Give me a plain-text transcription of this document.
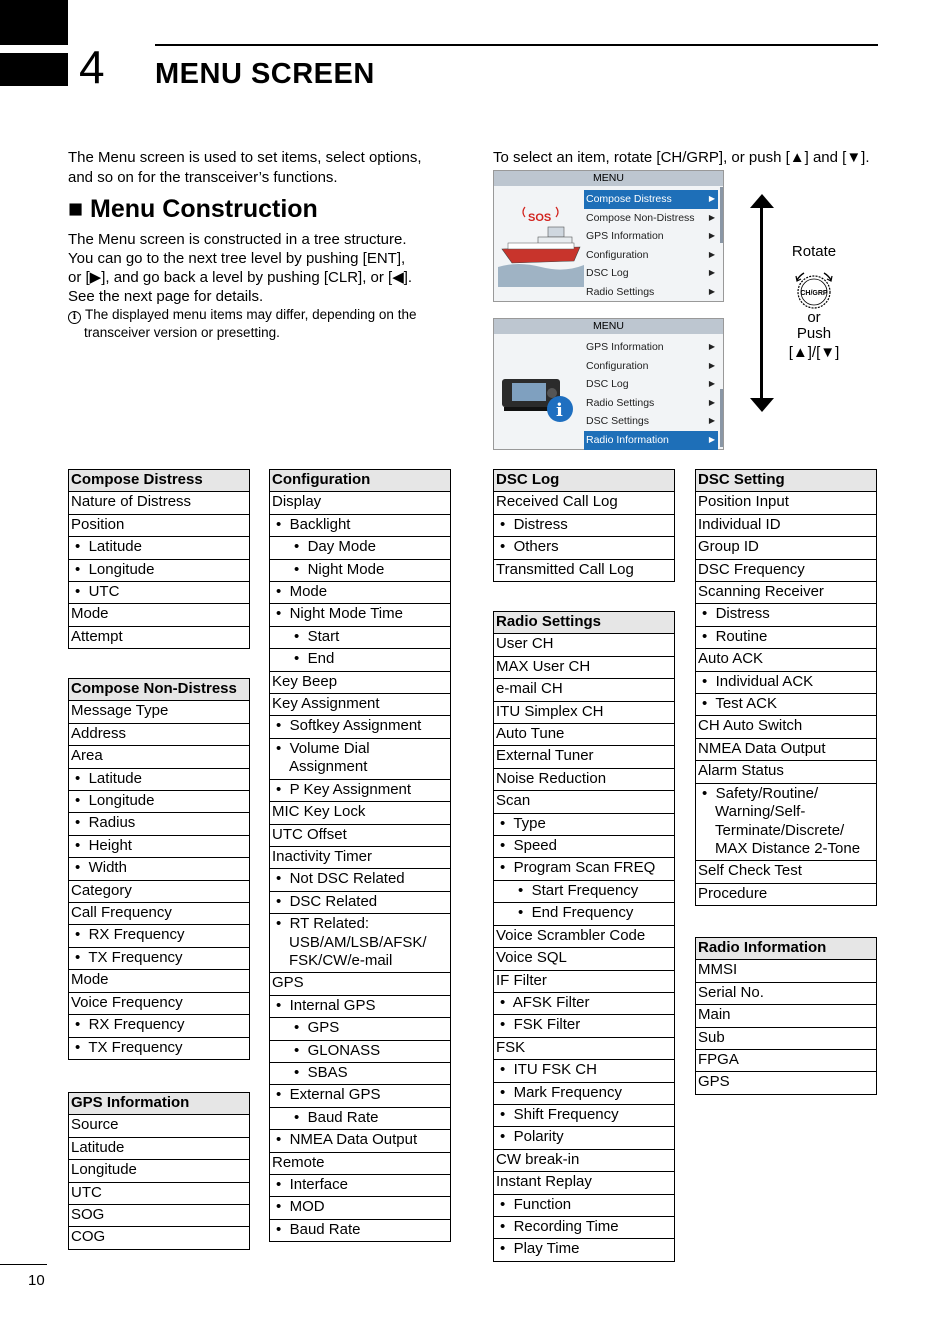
4 MENU SCREEN
The Menu screen is used to set items, select options,
and so on for the transceiver’s functions.
■ Menu Construction
The Menu screen is constructed in a tree structure.
You can go to the next tree level by pushing [ENT],
or [▶], and go back a level by pushing [CLR], or [◀].
See the next page for details.
i The displayed menu items may differ, depending on the transceiver version or presetting.
To select an item, rotate [CH/GRP], or push [▲] and [▼].
MENU
SOS
Compose Distress	▶
Compose Non-Distress ▶
GPS Information	▶
Configuration	▶
DSC Log	▶
Radio Settings	▶
MENU
i
GPS Information	▶
Configuration	▶
DSC Log	▶
Radio Settings	▶
DSC Settings	▶
Radio Information	▶
Rotate
CH/GRP
or
Push
[▲]/[▼]
Compose Distress
Nature of Distress
Position

•  Latitude

•  Longitude

•  UTC

Mode
Attempt
Compose Non-Distress
Message Type
Address
Area

•  Latitude

•  Longitude

•  Radius

•  Height

•  Width

Category
Call Frequency

•  RX Frequency

•  TX Frequency

Mode
Voice Frequency

•  RX Frequency

•  TX Frequency
GPS Information
Source
Latitude
Longitude
UTC
SOG
COG
Configuration
Display

•  Backlight

•  Day Mode

•  Night Mode

•  Mode

•  Night Mode Time

•  Start

•  End

Key Beep
Key Assignment

•  Softkey Assignment

•  Volume Dial Assignment

•  P Key Assignment

MIC Key Lock
UTC Offset
Inactivity Timer

•  Not DSC Related

•  DSC Related

•  RT Related: USB/AM/LSB/AFSK/ FSK/CW/e-mail

GPS

•  Internal GPS

•  GPS

•  GLONASS

•  SBAS

•  External GPS

•  Baud Rate

•  NMEA Data Output

Remote

•  Interface

•  MOD

•  Baud Rate
DSC Log
Received Call Log

•  Distress

•  Others

Transmitted Call Log
Radio Settings
User CH
MAX User CH
e-mail CH
ITU Simplex CH
Auto Tune
External Tuner
Noise Reduction
Scan

•  Type

•  Speed

•  Program Scan FREQ

•  Start Frequency

•  End Frequency

Voice Scrambler Code
Voice SQL
IF Filter

•  AFSK Filter

•  FSK Filter

FSK

•  ITU FSK CH

•  Mark Frequency

•  Shift Frequency

•  Polarity

CW break-in
Instant Replay

•  Function

•  Recording Time

•  Play Time
DSC Setting
Position Input
Individual ID
Group ID
DSC Frequency
Scanning Receiver

•  Distress

•  Routine

Auto ACK

•  Individual ACK

•  Test ACK

CH Auto Switch
NMEA Data Output
Alarm Status

•  Safety/Routine/ Warning/Self- Terminate/Discrete/ MAX Distance 2-Tone

Self Check Test
Procedure
Radio Information
MMSI
Serial No.
Main
Sub
FPGA
GPS
10
